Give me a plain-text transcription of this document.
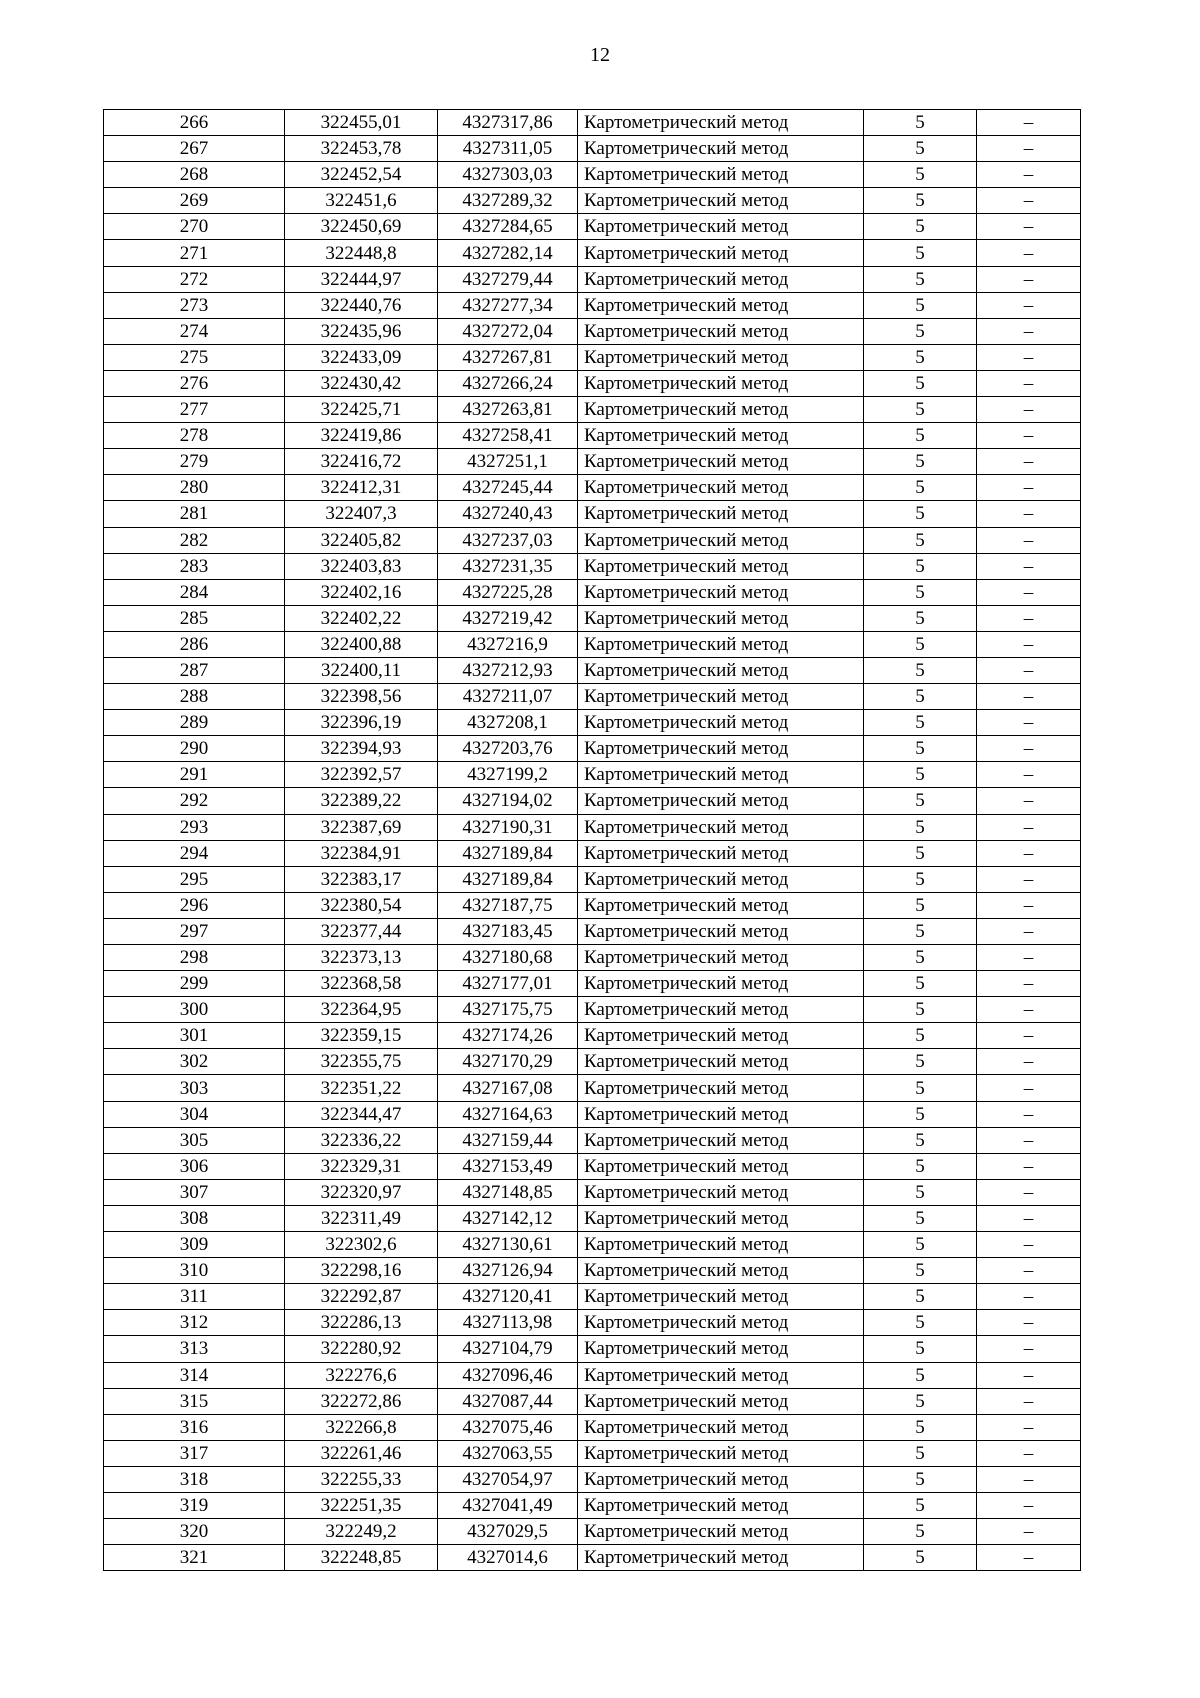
12
266	322455,01	4327317,86	Картометрический метод	5	–
267	322453,78	4327311,05	Картометрический метод	5	–
268	322452,54	4327303,03	Картометрический метод	5	–
269	322451,6	4327289,32	Картометрический метод	5	–
270	322450,69	4327284,65	Картометрический метод	5	–
271	322448,8	4327282,14	Картометрический метод	5	–
272	322444,97	4327279,44	Картометрический метод	5	–
273	322440,76	4327277,34	Картометрический метод	5	–
274	322435,96	4327272,04	Картометрический метод	5	–
275	322433,09	4327267,81	Картометрический метод	5	–
276	322430,42	4327266,24	Картометрический метод	5	–
277	322425,71	4327263,81	Картометрический метод	5	–
278	322419,86	4327258,41	Картометрический метод	5	–
279	322416,72	4327251,1	Картометрический метод	5	–
280	322412,31	4327245,44	Картометрический метод	5	–
281	322407,3	4327240,43	Картометрический метод	5	–
282	322405,82	4327237,03	Картометрический метод	5	–
283	322403,83	4327231,35	Картометрический метод	5	–
284	322402,16	4327225,28	Картометрический метод	5	–
285	322402,22	4327219,42	Картометрический метод	5	–
286	322400,88	4327216,9	Картометрический метод	5	–
287	322400,11	4327212,93	Картометрический метод	5	–
288	322398,56	4327211,07	Картометрический метод	5	–
289	322396,19	4327208,1	Картометрический метод	5	–
290	322394,93	4327203,76	Картометрический метод	5	–
291	322392,57	4327199,2	Картометрический метод	5	–
292	322389,22	4327194,02	Картометрический метод	5	–
293	322387,69	4327190,31	Картометрический метод	5	–
294	322384,91	4327189,84	Картометрический метод	5	–
295	322383,17	4327189,84	Картометрический метод	5	–
296	322380,54	4327187,75	Картометрический метод	5	–
297	322377,44	4327183,45	Картометрический метод	5	–
298	322373,13	4327180,68	Картометрический метод	5	–
299	322368,58	4327177,01	Картометрический метод	5	–
300	322364,95	4327175,75	Картометрический метод	5	–
301	322359,15	4327174,26	Картометрический метод	5	–
302	322355,75	4327170,29	Картометрический метод	5	–
303	322351,22	4327167,08	Картометрический метод	5	–
304	322344,47	4327164,63	Картометрический метод	5	–
305	322336,22	4327159,44	Картометрический метод	5	–
306	322329,31	4327153,49	Картометрический метод	5	–
307	322320,97	4327148,85	Картометрический метод	5	–
308	322311,49	4327142,12	Картометрический метод	5	–
309	322302,6	4327130,61	Картометрический метод	5	–
310	322298,16	4327126,94	Картометрический метод	5	–
311	322292,87	4327120,41	Картометрический метод	5	–
312	322286,13	4327113,98	Картометрический метод	5	–
313	322280,92	4327104,79	Картометрический метод	5	–
314	322276,6	4327096,46	Картометрический метод	5	–
315	322272,86	4327087,44	Картометрический метод	5	–
316	322266,8	4327075,46	Картометрический метод	5	–
317	322261,46	4327063,55	Картометрический метод	5	–
318	322255,33	4327054,97	Картометрический метод	5	–
319	322251,35	4327041,49	Картометрический метод	5	–
320	322249,2	4327029,5	Картометрический метод	5	–
321	322248,85	4327014,6	Картометрический метод	5	–
